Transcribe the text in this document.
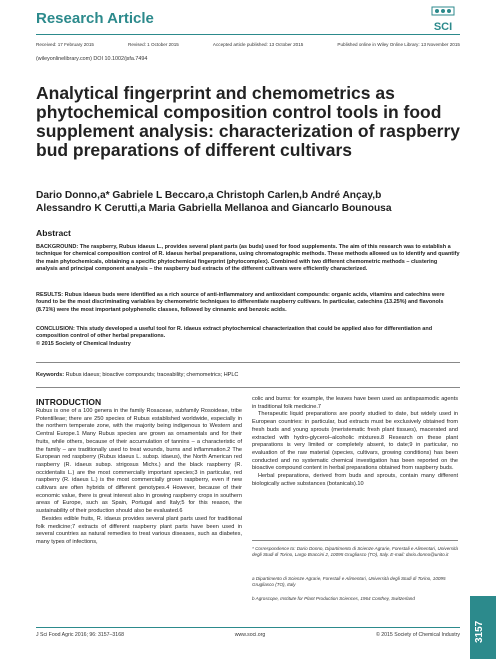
Research Article	SCI
Received: 17 February 2015	Revised: 1 October 2015	Accepted article published: 13 October 2015	Published online in Wiley Online Library: 13 November 2015
(wileyonlinelibrary.com) DOI 10.1002/jsfa.7494
Analytical fingerprint and chemometrics as phytochemical composition control tools in food supplement analysis: characterization of raspberry bud preparations of different cultivars
Dario Donno,a* Gabriele L Beccaro,a Christoph Carlen,b André Ançay,b
Alessandro K Cerutti,a Maria Gabriella Mellanoa and Giancarlo Bounousa
Abstract
BACKGROUND: The raspberry, Rubus idaeus L., provides several plant parts (as buds) used for food supplements. The aim of this research was to establish a technique for chemical composition control of R. idaeus herbal preparations, using chromatographic methods. These methods allowed us to identify and quantify the main phytochemicals, obtaining a specific phytochemical fingerprint (phytocomplex). Combined with two different chemometric methods – clustering analysis and principal component analysis – the raspberry bud extracts of the different cultivars were efficiently characterized.
RESULTS: Rubus idaeus buds were identified as a rich source of anti-inflammatory and antioxidant compounds: organic acids, vitamins and catechins were found to be the most discriminating variables by chemometric techniques to differentiate raspberry cultivars. In particular, catechins (13.25%) and flavonols (8.71%) were the most important polyphenolic classes, followed by cinnamic and benzoic acids.
CONCLUSION: This study developed a useful tool for R. idaeus extract phytochemical characterization that could be applied also for differentiation and composition control of other herbal preparations.
© 2015 Society of Chemical Industry
Keywords: Rubus idaeus; bioactive compounds; traceability; chemometrics; HPLC
INTRODUCTION

Rubus is one of a 100 genera in the family Rosaceae, subfamily Rosoideae, tribe Potentilleae; there are 250 species of Rubus established worldwide, especially in the northern temperate zone, with the majority being indigenous to Western and Central Europe.1 Many Rubus species are grown as ornamentals and for their fruits, while others, because of their accumulation of tannins – a characteristic of the family – are traditionally used to treat wounds, burns and inflammation.2 The European red raspberry (Rubus idaeus L. subsp. idaeus), the North American red raspberry (R. idaeus subsp. strigosus Michx.) and the black raspberry (R. occidentalis L.) are the most commercially important species;3 in particular, red raspberry (R. idaeus L.) is the most commercially grown raspberry, even if new cultivars are often hybrids of different genotypes.4 However, because of their economic value, there is great interest also in growing raspberry crops in southern areas of Europe, such as Spain, Portugal and Italy;5 for this reason, the sustainability of their production should also be evaluated.6

Besides edible fruits, R. idaeus provides several plant parts used for traditional folk medicine;7 extracts of different raspberry plant parts have been used in several countries as natural remedies to treat various diseases, such as diabetes, many types of infections,

colic and burns: for example, the leaves have been used as antispasmodic agents in traditional folk medicine.7

Therapeutic liquid preparations are poorly studied to date, but widely used in European countries: in particular, bud extracts must be exclusively obtained from fresh buds and young sprouts (meristematic fresh plant tissues), macerated and extracted with hydro-glycerol–alcoholic mixtures.8 Research on these plant preparations is very limited or completely absent, to date;9 in particular, no evaluation of the raw material (species, cultivars, growing conditions) has been conducted and no systematic chemical investigation has been reported on the bioactive compound content in herbal preparations obtained from raspberry buds.

Herbal preparations, derived from buds and sprouts, contain many different biologically active substances (botanicals).10

* Correspondence to: Dario Donno, Dipartimento di Scienze Agrarie, Forestali e Alimentari, Università degli Studi di Torino, Largo Braccini 2, 10095 Grugliasco (TO), Italy. E-mail: dario.donno@unito.it
a Dipartimento di Scienze Agrarie, Forestali e Alimentari, Università degli Studi di Torino, 10095 Grugliasco (TO), Italy
b Agroscope, Institute for Plant Production Sciences, 1964 Conthey, Switzerland
J Sci Food Agric 2016; 96: 3157–3168	www.soci.org	© 2015 Society of Chemical Industry 3157
